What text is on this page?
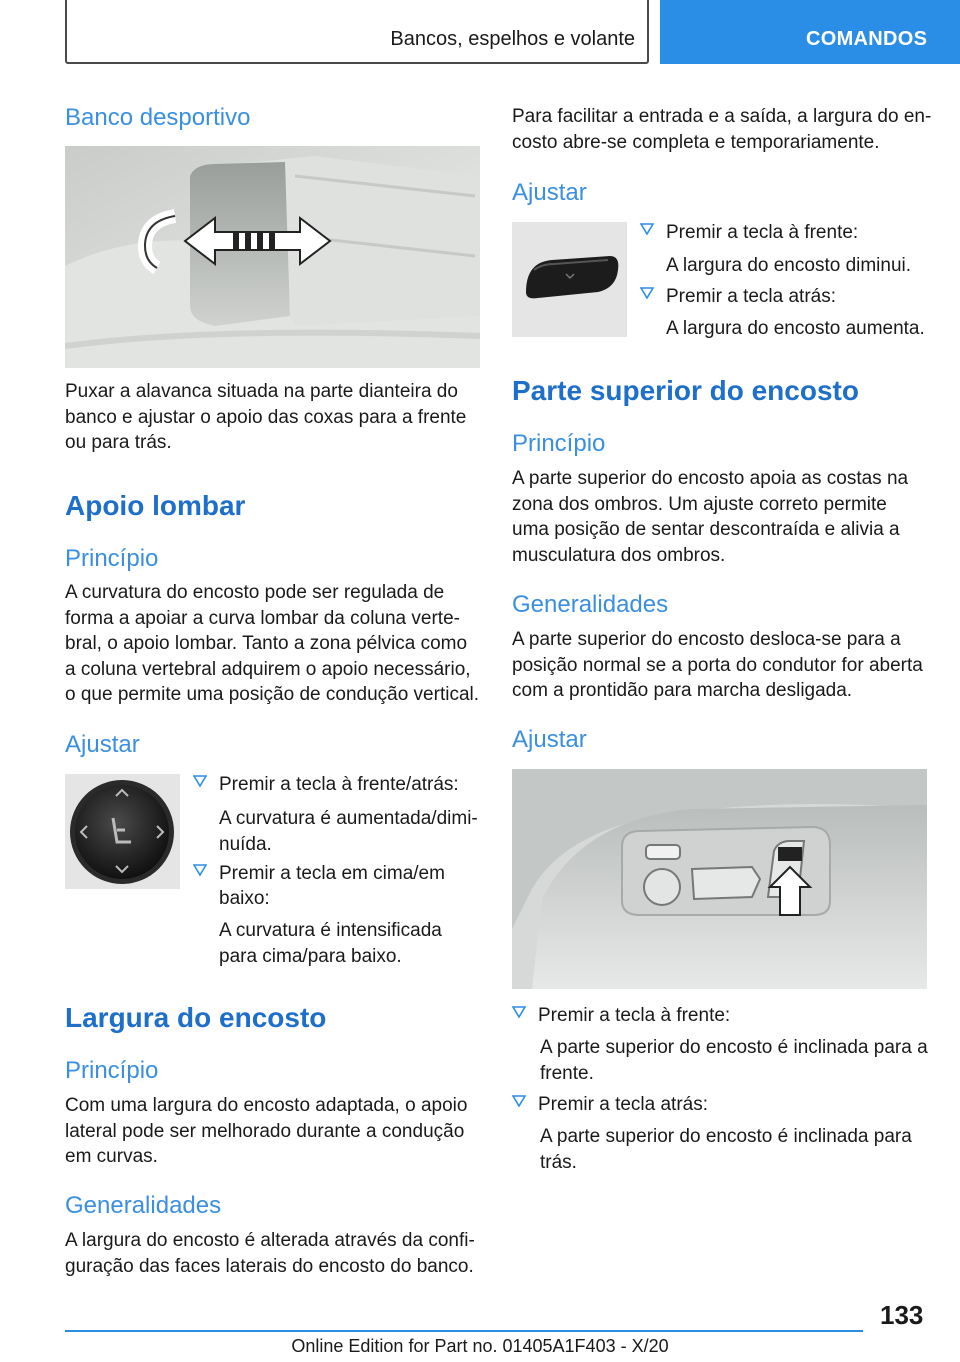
Bancos, espelhos e volante	COMANDOS
Banco desportivo
Puxar a alavanca situada na parte dianteira do
banco e ajustar o apoio das coxas para a frente
ou para trás.
Apoio lombar
Princípio
A curvatura do encosto pode ser regulada de
forma a apoiar a curva lombar da coluna verte‐
bral, o apoio lombar. Tanto a zona pélvica como
a coluna vertebral adquirem o apoio necessário,
o que permite uma posição de condução vertical.
Ajustar
Premir a tecla à frente/atrás:
A curvatura é aumentada/dimi‐
nuída.
Premir a tecla em cima/em
baixo:
A curvatura é intensificada
para cima/para baixo.
Largura do encosto
Princípio
Com uma largura do encosto adaptada, o apoio
lateral pode ser melhorado durante a condução
em curvas.
Generalidades
A largura do encosto é alterada através da confi‐
guração das faces laterais do encosto do banco.
Para facilitar a entrada e a saída, a largura do en‐
costo abre-se completa e temporariamente.
Ajustar
Premir a tecla à frente:
A largura do encosto diminui.
Premir a tecla atrás:
A largura do encosto aumenta.
Parte superior do encosto
Princípio
A parte superior do encosto apoia as costas na
zona dos ombros. Um ajuste correto permite
uma posição de sentar descontraída e alivia a
musculatura dos ombros.
Generalidades
A parte superior do encosto desloca-se para a
posição normal se a porta do condutor for aberta
com a prontidão para marcha desligada.
Ajustar
Premir a tecla à frente:
A parte superior do encosto é inclinada para a
frente.
Premir a tecla atrás:
A parte superior do encosto é inclinada para
trás.
133
Online Edition for Part no. 01405A1F403 - X/20
